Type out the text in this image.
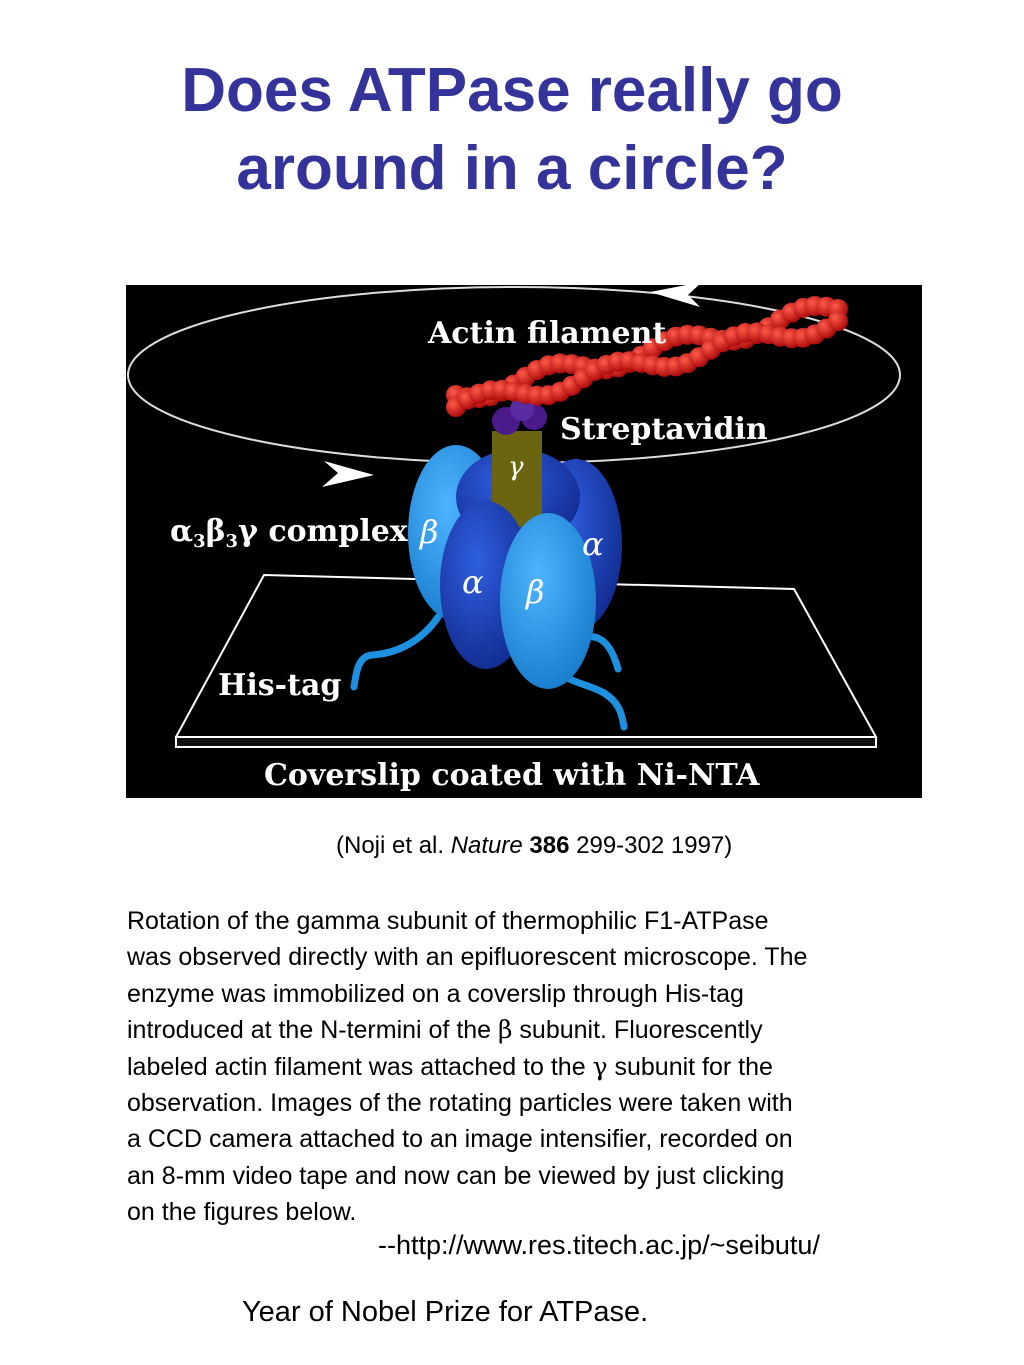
Does ATPase really go
around in a circle?
Actin filament
Streptavidin
$\alpha_3\beta_3\gamma$ complex
His-tag
Coverslip coated with Ni-NTA
γ
β
α β
α
(Noji et al. Nature 386 299-302 1997)
Rotation of the gamma subunit of thermophilic F1-ATPase
was observed directly with an epifluorescent microscope. The
enzyme was immobilized on a coverslip through His-tag
introduced at the N-termini of the β subunit. Fluorescently
labeled actin filament was attached to the γ subunit for the
observation. Images of the rotating particles were taken with
a CCD camera attached to an image intensifier, recorded on
an 8-mm video tape and now can be viewed by just clicking
on the figures below.
--http://www.res.titech.ac.jp/~seibutu/
Year of Nobel Prize for ATPase.
